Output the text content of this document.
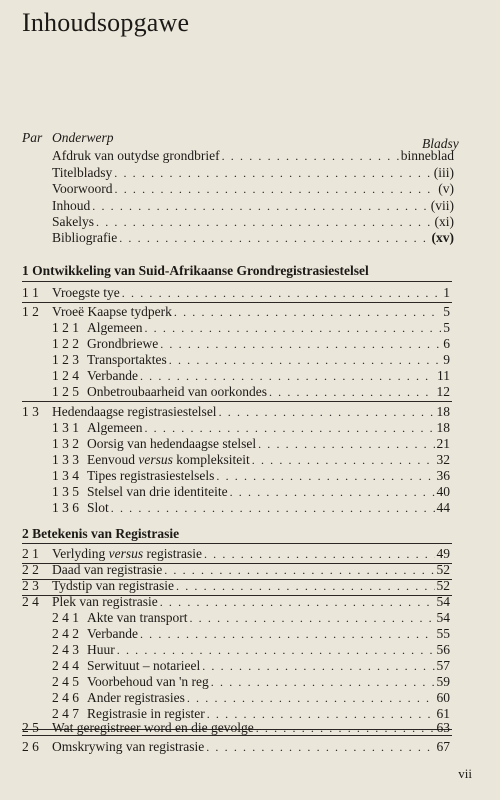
Inhoudsopgawe
Par Onderwerp	Bladsy
Afdruk van outydse grondbrief . . .	binneblad
Titelbladsy . . .	(iii)
Voorwoord . . .	(v)
Inhoud . . .	(vii)
Sakelys . . .	(xi)
Bibliografie . . .	(xv)
1 Ontwikkeling van Suid-Afrikaanse Grondregistrasiestelsel
1 1 Vroegste tye . . .	1
1 2 Vroeë Kaapse tydperk . . .	5
1 2 1 Algemeen . . .	5
1 2 2 Grondbriewe . . .	6
1 2 3 Transportaktes . . .	9
1 2 4 Verbande . . .	11
1 2 5 Onbetroubaarheid van oorkondes . . .	12
1 3 Hedendaagse registrasiestelsel . . .	18
1 3 1 Algemeen . . .	18
1 3 2 Oorsig van hedendaagse stelsel . . .	21
1 3 3 Eenvoud versus kompleksiteit . . .	32
1 3 4 Tipes registrasiestelsels . . .	36
1 3 5 Stelsel van drie identiteite . . .	40
1 3 6 Slot . . .	44
2 Betekenis van Registrasie
2 1 Verlyding versus registrasie . . .	49
2 2 Daad van registrasie . . .	52
2 3 Tydstip van registrasie . . .	52
2 4 Plek van registrasie . . .	54
2 4 1 Akte van transport . . .	54
2 4 2 Verbande . . .	55
2 4 3 Huur . . .	56
2 4 4 Serwituut – notarieel . . .	57
2 4 5 Voorbehoud van 'n reg . . .	59
2 4 6 Ander registrasies . . .	60
2 4 7 Registrasie in register . . .	61
2 5 Wat geregistreer word en die gevolge . . .	63
2 6 Omskrywing van registrasie . . .	67
vii
